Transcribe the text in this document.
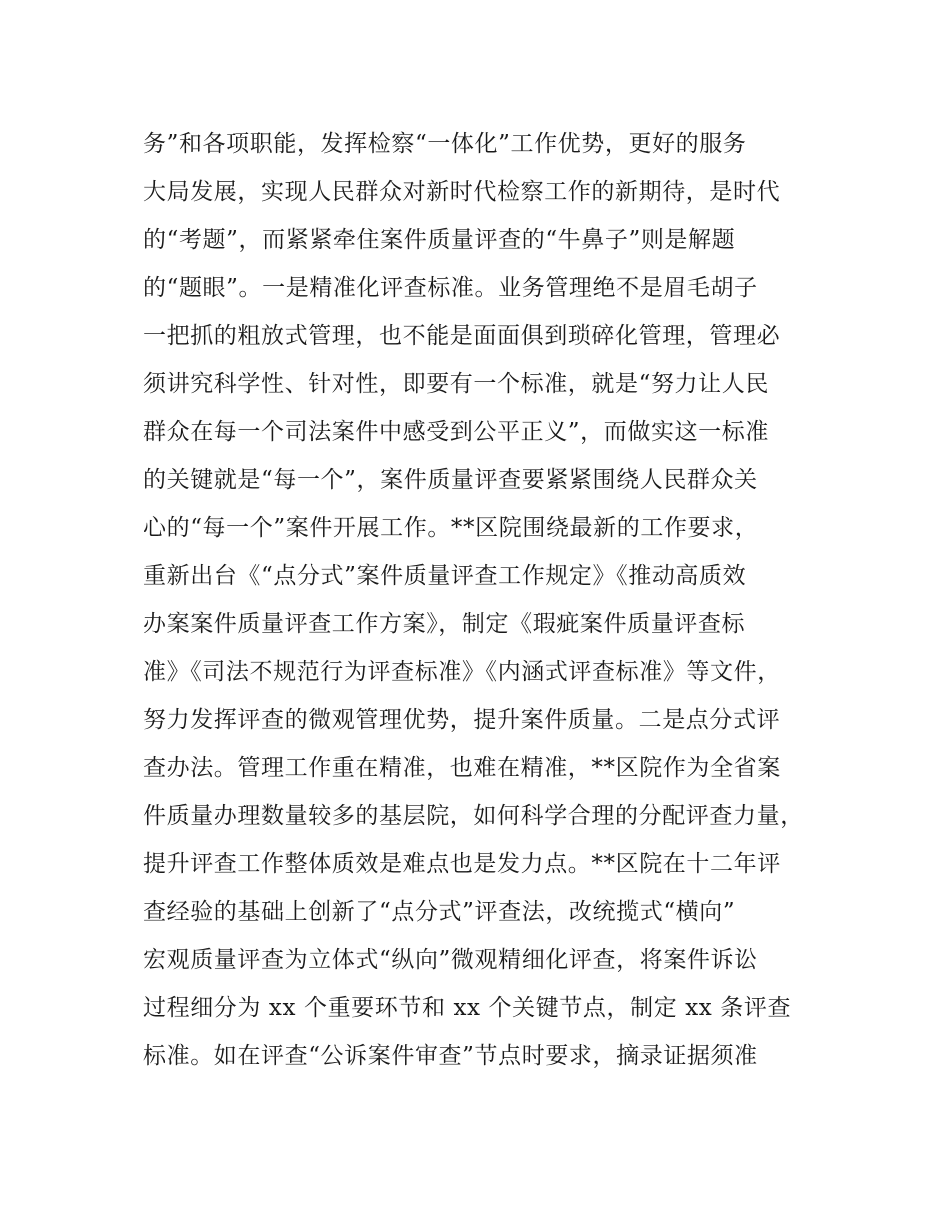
务”和各项职能，发挥检察“一体化”工作优势，更好的服务
大局发展，实现人民群众对新时代检察工作的新期待，是时代
的“考题”，而紧紧牵住案件质量评查的“牛鼻子”则是解题
的“题眼”。一是精准化评查标准。业务管理绝不是眉毛胡子
一把抓的粗放式管理，也不能是面面俱到琐碎化管理，管理必
须讲究科学性、针对性，即要有一个标准，就是“努力让人民
群众在每一个司法案件中感受到公平正义”，而做实这一标准
的关键就是“每一个”，案件质量评查要紧紧围绕人民群众关
心的“每一个”案件开展工作。**区院围绕最新的工作要求，
重新出台《“点分式”案件质量评查工作规定》《推动高质效
办案案件质量评查工作方案》，制定《瑕疵案件质量评查标
准》《司法不规范行为评查标准》《内涵式评查标准》等文件，
努力发挥评查的微观管理优势，提升案件质量。二是点分式评
查办法。管理工作重在精准，也难在精准，**区院作为全省案
件质量办理数量较多的基层院，如何科学合理的分配评查力量，
提升评查工作整体质效是难点也是发力点。**区院在十二年评
查经验的基础上创新了“点分式”评查法，改统揽式“横向”
宏观质量评查为立体式“纵向”微观精细化评查，将案件诉讼
过程细分为 xx 个重要环节和 xx 个关键节点，制定 xx 条评查
标准。如在评查“公诉案件审查”节点时要求，摘录证据须准
